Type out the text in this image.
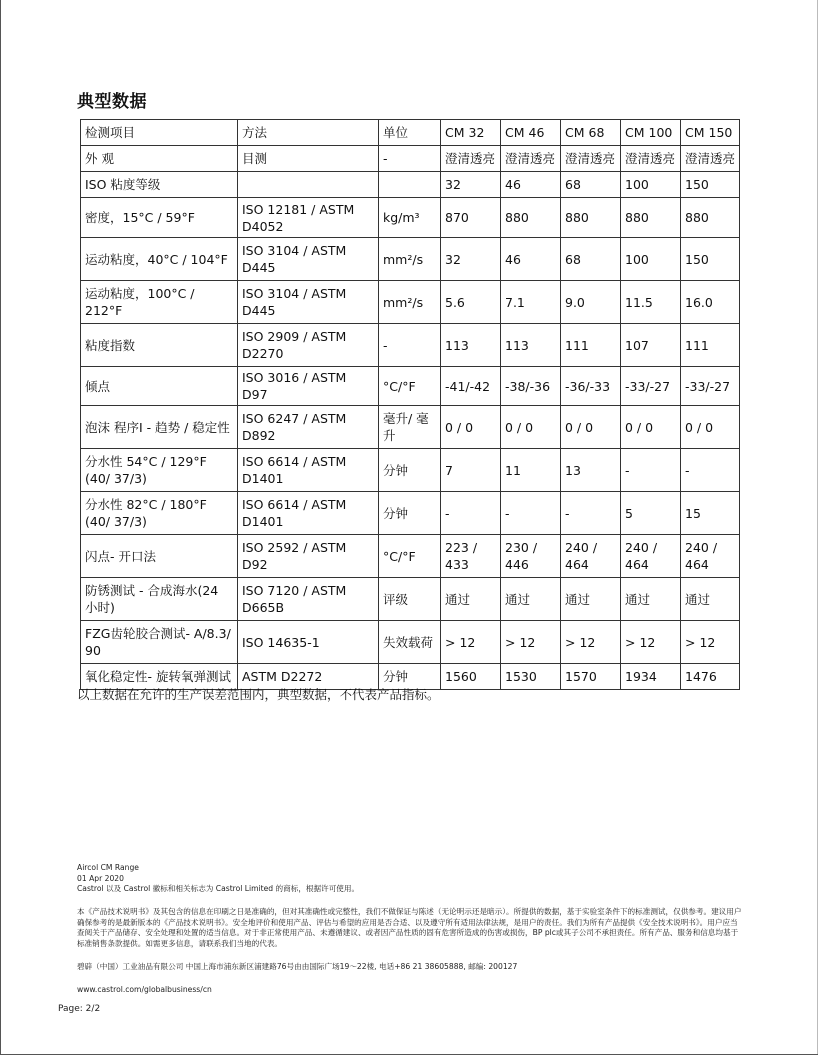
典型数据
检测项目	方法	单位	CM 32	CM 46	CM 68	CM 100	CM 150
外 观	目测	-	澄清透亮	澄清透亮	澄清透亮	澄清透亮	澄清透亮
ISO 粘度等级			32	46	68	100	150
密度，15°C / 59°F	ISO 12181 / ASTM D4052	kg/m³	870	880	880	880	880
运动粘度，40°C / 104°F	ISO 3104 / ASTM D445	mm²/s	32	46	68	100	150
运动粘度，100°C / 212°F	ISO 3104 / ASTM D445	mm²/s	5.6	7.1	9.0	11.5	16.0
粘度指数	ISO 2909 / ASTM D2270	-	113	113	111	107	111
倾点	ISO 3016 / ASTM D97	°C/°F	-41/-42	-38/-36	-36/-33	-33/-27	-33/-27
泡沫 程序I - 趋势 / 稳定性	ISO 6247 / ASTM D892	毫升/ 毫升	0 / 0	0 / 0	0 / 0	0 / 0	0 / 0
分水性 54°C / 129°F (40/ 37/3)	ISO 6614 / ASTM D1401	分钟	7	11	13	-	-
分水性 82°C / 180°F (40/ 37/3)	ISO 6614 / ASTM D1401	分钟	-	-	-	5	15
闪点- 开口法	ISO 2592 / ASTM D92	°C/°F	223 / 433	230 / 446	240 / 464	240 / 464	240 / 464
防锈测试 - 合成海水(24 小时)	ISO 7120 / ASTM D665B	评级	通过	通过	通过	通过	通过
FZG齿轮胶合测试- A/8.3/ 90	ISO 14635-1	失效载荷	> 12	> 12	> 12	> 12	> 12
氧化稳定性- 旋转氧弹测试	ASTM D2272	分钟	1560	1530	1570	1934	1476
以上数据在允许的生产误差范围内，典型数据，不代表产品指标。
Aircol CM Range
01 Apr 2020
Castrol 以及 Castrol 徽标和相关标志为 Castrol Limited 的商标，根据许可使用。
本《产品技术说明书》及其包含的信息在印刷之日是准确的，但对其准确性或完整性，我们不做保证与陈述（无论明示还是暗示）。所提供的数据，基于实验室条件下的标准测试，仅供参考。建议用户确保参考的是最新版本的《产品技术说明书》。安全地评价和使用产品、评估与希望的应用是否合适、以及遵守所有适用法律法规，是用户的责任。我们为所有产品提供《安全技术说明书》。用户应当查阅关于产品储存、安全处理和处置的适当信息。对于非正常使用产品、未遵循建议、或者因产品性质的固有危害所造成的伤害或损伤，BP plc或其子公司不承担责任。所有产品、服务和信息均基于标准销售条款提供。如需更多信息，请联系我们当地的代表。
碧辟（中国）工业油品有限公司 中国上海市浦东新区浦建路76号由由国际广场19～22楼, 电话+86 21 38605888, 邮编: 200127
www.castrol.com/globalbusiness/cn
Page: 2/2
